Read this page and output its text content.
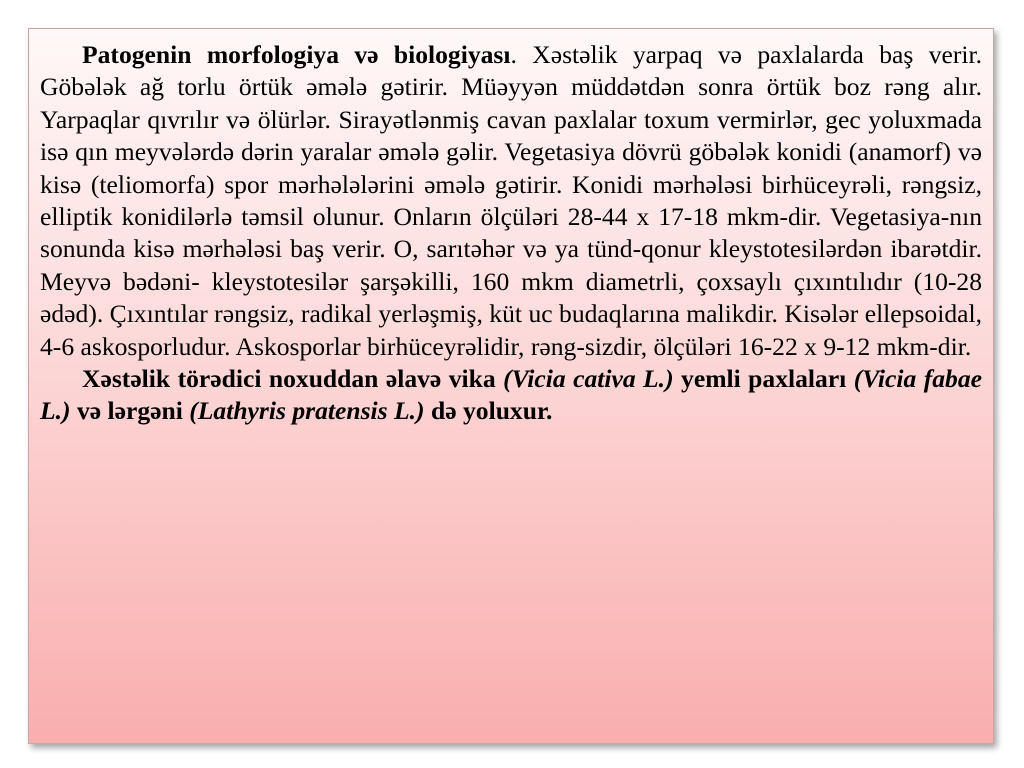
Patogenin morfologiya və biologiyası. Xəstəlik yarpaq və paxlalarda baş verir. Göbələk ağ torlu örtük əmələ gətirir. Müəyyən müddətdən sonra örtük boz rəng alır. Yarpaqlar qıvrılır və ölürlər. Sirayətlənmiş cavan paxlalar toxum vermirlər, gec yoluxmada isə qın meyvələrdə dərin yaralar əmələ gəlir. Vegetasiya dövrü göbələk konidi (anamorf) və kisə (teliomorfa) spor mərhələlərini əmələ gətirir. Konidi mərhələsi birhüceyrəli, rəngsiz, elliptik konidilərlə təmsil olunur. Onların ölçüləri 28-44 x 17-18 mkm-dir. Vegetasiya-nın sonunda kisə mərhələsi baş verir. O, sarıtəhər və ya tünd-qonur kleystotesilərdən ibarətdir. Meyvə bədəni- kleystotesilər şarşəkilli, 160 mkm diametrli, çoxsaylı çıxıntılıdır (10-28 ədəd). Çıxıntılar rəngsiz, radikal yerləşmiş, küt uc budaqlarına malikdir. Kisələr ellepsoidal, 4-6 askosporludur. Askosporlar birhüceyrəlidir, rəng-sizdir, ölçüləri 16-22 x 9-12 mkm-dir.

Xəstəlik törədici noxuddan əlavə vika (Vicia cativa L.) yemli paxlaları (Vicia fabae L.) və lərgəni (Lathyris pratensis L.) də yoluxur.
